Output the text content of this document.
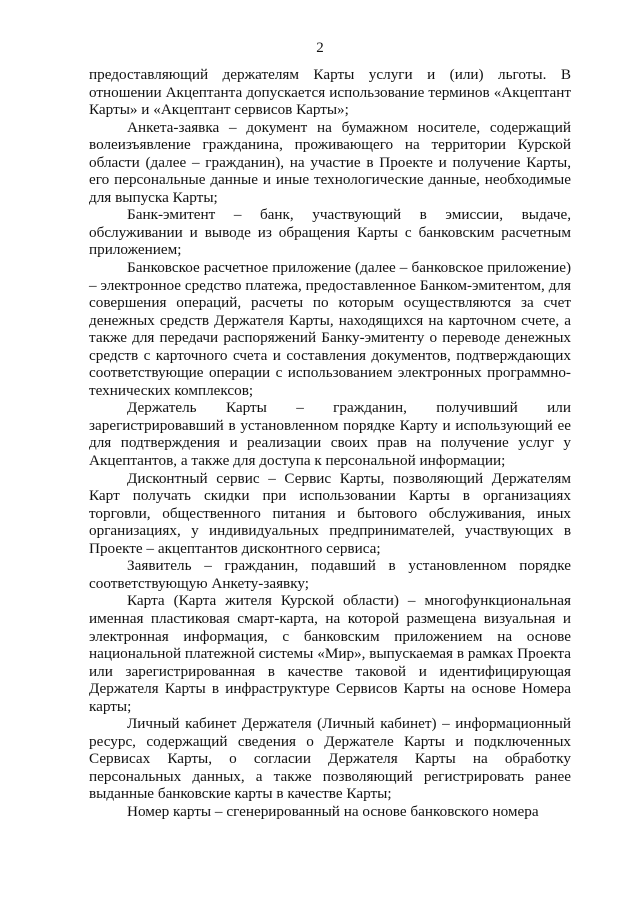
2

предоставляющий держателям Карты услуги и (или) льготы. В отношении Акцептанта допускается использование терминов «Акцептант Карты» и «Акцептант сервисов Карты»;

Анкета-заявка – документ на бумажном носителе, содержащий волеизъявление гражданина, проживающего на территории Курской области (далее – гражданин), на участие в Проекте и получение Карты, его персональные данные и иные технологические данные, необходимые для выпуска Карты;

Банк-эмитент – банк, участвующий в эмиссии, выдаче, обслуживании и выводе из обращения Карты с банковским расчетным приложением;

Банковское расчетное приложение (далее – банковское приложение) – электронное средство платежа, предоставленное Банком-эмитентом, для совершения операций, расчеты по которым осуществляются за счет денежных средств Держателя Карты, находящихся на карточном счете, а также для передачи распоряжений Банку-эмитенту о переводе денежных средств с карточного счета и составления документов, подтверждающих соответствующие операции с использованием электронных программно-технических комплексов;

Держатель Карты – гражданин, получивший или зарегистрировавший в установленном порядке Карту и использующий ее для подтверждения и реализации своих прав на получение услуг у Акцептантов, а также для доступа к персональной информации;

Дисконтный сервис – Сервис Карты, позволяющий Держателям Карт получать скидки при использовании Карты в организациях торговли, общественного питания и бытового обслуживания, иных организациях, у индивидуальных предпринимателей, участвующих в Проекте – акцептантов дисконтного сервиса;

Заявитель – гражданин, подавший в установленном порядке соответствующую Анкету-заявку;

Карта (Карта жителя Курской области) – многофункциональная именная пластиковая смарт-карта, на которой размещена визуальная и электронная информация, с банковским приложением на основе национальной платежной системы «Мир», выпускаемая в рамках Проекта или зарегистрированная в качестве таковой и идентифицирующая Держателя Карты в инфраструктуре Сервисов Карты на основе Номера карты;

Личный кабинет Держателя (Личный кабинет) – информационный ресурс, содержащий сведения о Держателе Карты и подключенных Сервисах Карты, о согласии Держателя Карты на обработку персональных данных, а также позволяющий регистрировать ранее выданные банковские карты в качестве Карты;

Номер карты – сгенерированный на основе банковского номера
